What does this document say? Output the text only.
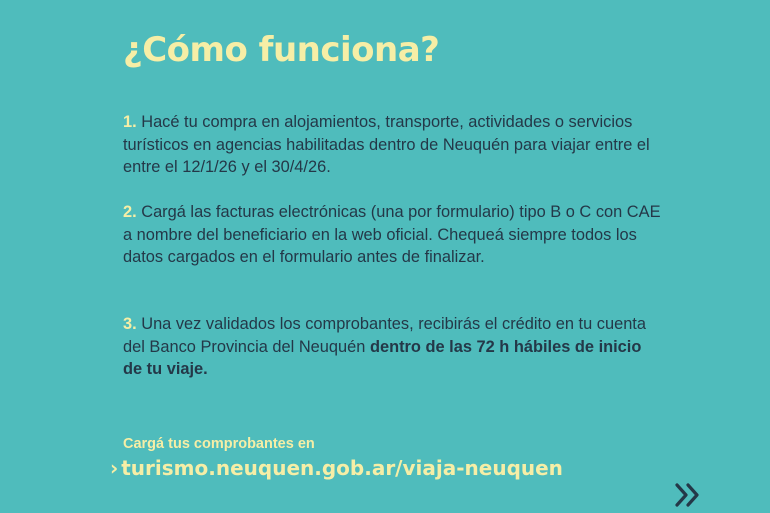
¿Cómo funciona?

1. Hacé tu compra en alojamientos, transporte, actividades o servicios turísticos en agencias habilitadas dentro de Neuquén para viajar entre el entre el 12/1/26 y el 30/4/26.

2. Cargá las facturas electrónicas (una por formulario) tipo B o C con CAE a nombre del beneficiario en la web oficial. Chequeá siempre todos los datos cargados en el formulario antes de finalizar.

3. Una vez validados los comprobantes, recibirás el crédito en tu cuenta del Banco Provincia del Neuquén dentro de las 72 h hábiles de inicio de tu viaje.

Cargá tus comprobantes en

› turismo.neuquen.gob.ar/viaja-neuquen
